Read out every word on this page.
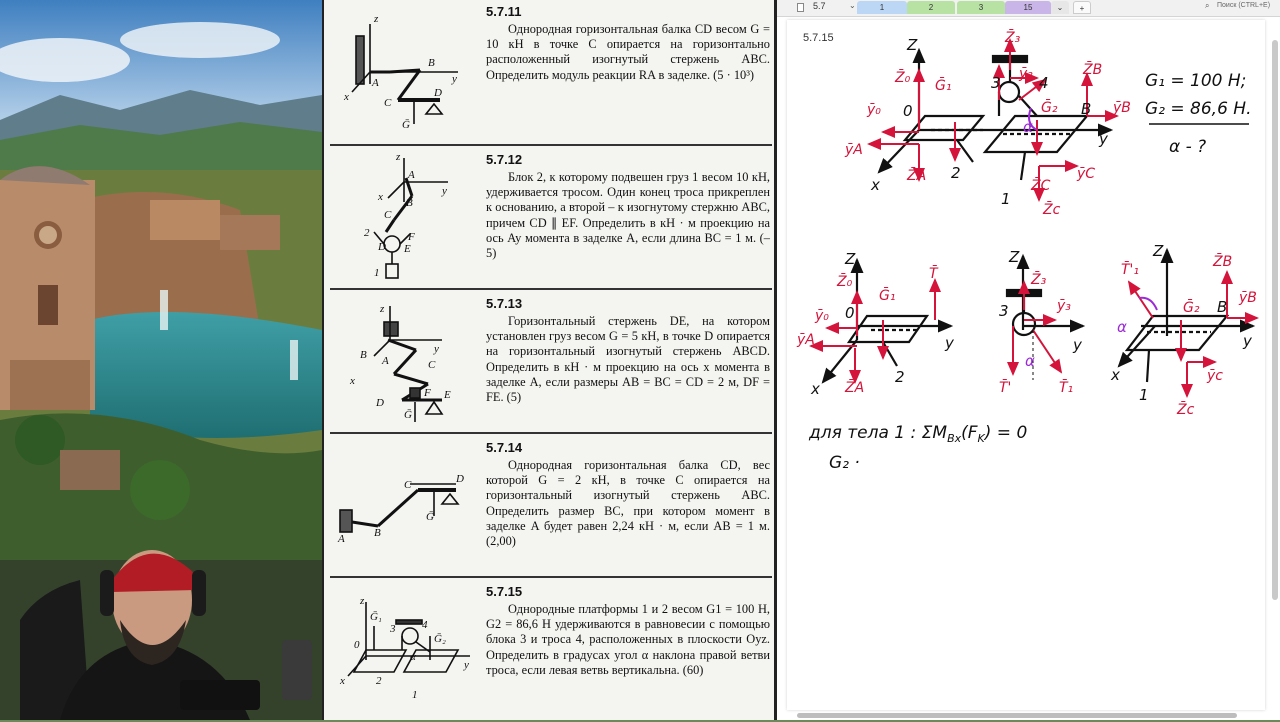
z
B
y
A
x	C
D
Ḡ
5.7.11
Однородная горизонтальная балка CD весом G = 10 кН в точке C опирается на горизонтально расположенный изогнутый стержень ABC. Определить модуль реакции RA в заделке. (5 · 10³)
z
A
y
x B
C
2
D
F
E
1
5.7.12
Блок 2, к которому подвешен груз 1 весом 10 кН, удерживается тросом. Один конец троса прикреплен к основанию, а второй – к изогнутому стержню ABC, причем CD ∥ EF. Определить в кН · м проекцию на ось Ay момента в заделке A, если длина BC = 1 м. (–5)
z
y
B A
x
C
D
F E
Ḡ
5.7.13
Горизонтальный стержень DE, на котором установлен груз весом G = 5 кН, в точке D опирается на горизонтальный изогнутый стержень ABCD. Определить в кН · м проекцию на ось x момента в заделке A, если размеры AB = BC = CD = 2 м, DF = FE. (5)
C	D
Ḡ
B
A
5.7.14
Однородная горизонтальная балка CD, вес которой G = 2 кН, в точке C опирается на горизонтальный изогнутый стержень ABC. Определить размер BC, при котором момент в заделке A будет равен 2,24 кН · м, если AB = 1 м. (2,00)
z
Ḡ₁
3 4
Ḡ₂
0
α
y
x	2
1
5.7.15
Однородные платформы 1 и 2 весом G1 = 100 Н, G2 = 86,6 Н удерживаются в равновесии с помощью блока 3 и троса 4, расположенных в плоскости Oyz. Определить в градусах угол α наклона правой ветви троса, если левая ветвь вертикальна. (60)
5.7	⌄	1	2	3	15	⌄	+	⌕ Поиск (CTRL+E)
5.7.15	Z
3	4
0	B
y
x
2
1
Z̄₀ Ḡ₁
Z̄₃
Z̄B
ȳ₀
ȳ₃
Ḡ₂	ȳB
ȳA
Z̄A
Z̄C
ȳC
Z̄c
α
G₁ = 100 Н;
G₂ = 86,6 Н.
α - ?
Z
0
y
x
2
Z̄₀
Ḡ₁
T̄
ȳ₀
ȳA
Z̄A
Z
3
y
Z̄₃
ȳ₃
T̄'	T̄₁
α
Z
B
y
x
1
T̄'₁	Z̄B
Ḡ₂
ȳB
ȳc
Z̄c
α
для тела 1 : $\Sigma M_{Bx}(F_K) = 0$
G₂ ·
